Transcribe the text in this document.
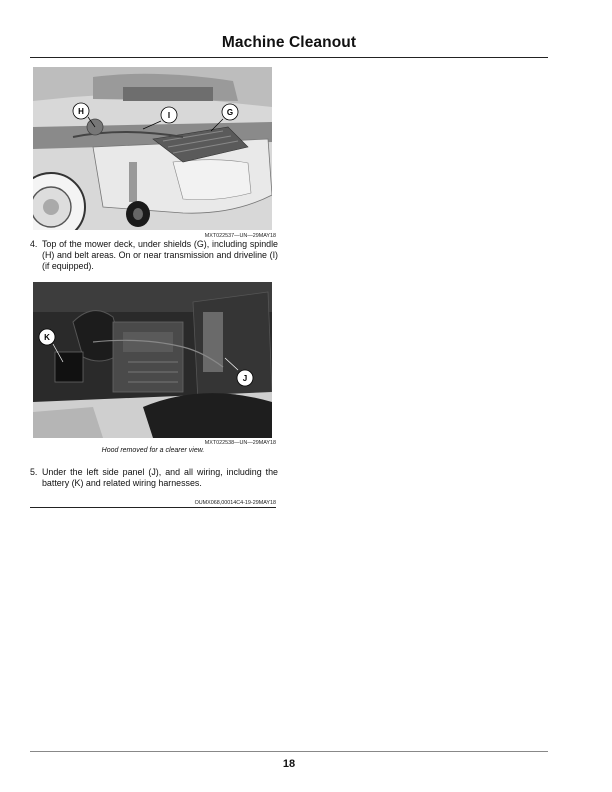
Machine Cleanout
H	I	G
MXT022537—UN—29MAY18
4. Top of the mower deck, under shields (G), including spindle (H) and belt areas. On or near transmission and driveline (I) (if equipped).
K
J
MXT022538—UN—29MAY18
Hood removed for a clearer view.
5. Under the left side panel (J), and all wiring, including the battery (K) and related wiring harnesses.
OUMX068,00014C4-19-29MAY18
18
